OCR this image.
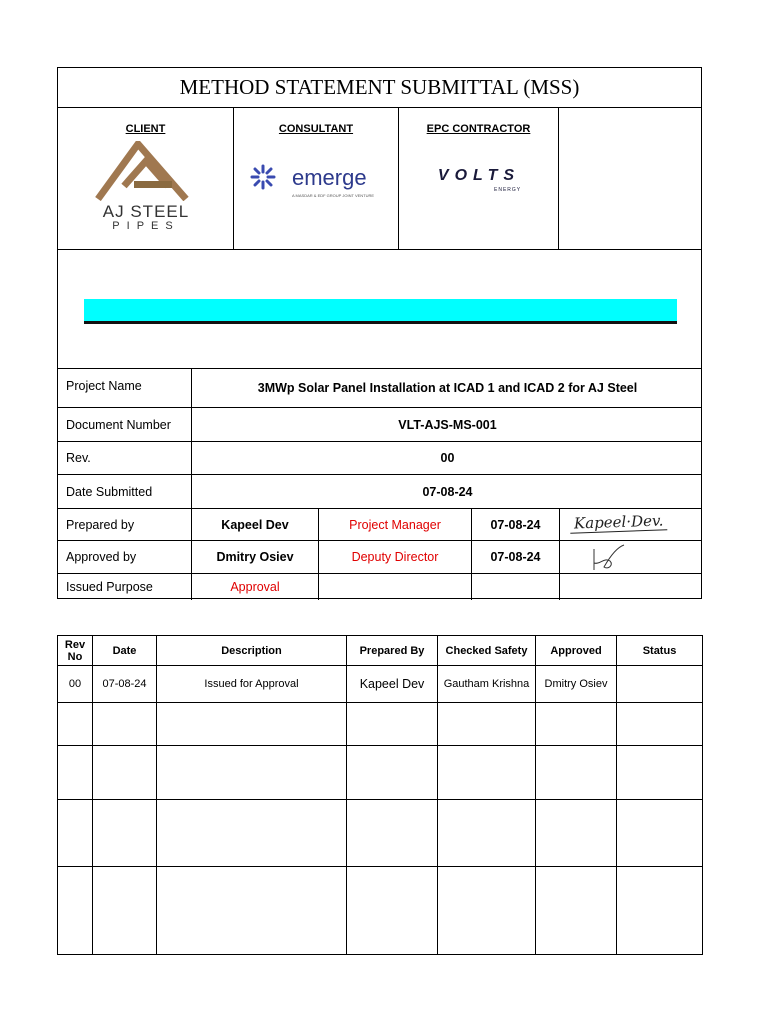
METHOD STATEMENT SUBMITTAL (MSS)
CLIENT
AJ STEEL
PIPES
CONSULTANT
emerge
A MASDAR & EDF GROUP JOINT VENTURE
EPC CONTRACTOR
VOLTS
ENERGY
Project Name	3MWp Solar Panel Installation at ICAD 1 and ICAD 2 for AJ Steel
Document Number	VLT-AJS-MS-001
Rev.	00
Date Submitted	07-08-24
Prepared by	Kapeel Dev	Project Manager	07-08-24	Kapeel·Dev.
Approved by	Dmitry Osiev	Deputy Director	07-08-24
Issued Purpose	Approval
Rev No	Date	Description	Prepared By	Checked Safety	Approved	Status
00	07-08-24	Issued for Approval	Kapeel Dev	Gautham Krishna	Dmitry Osiev	
